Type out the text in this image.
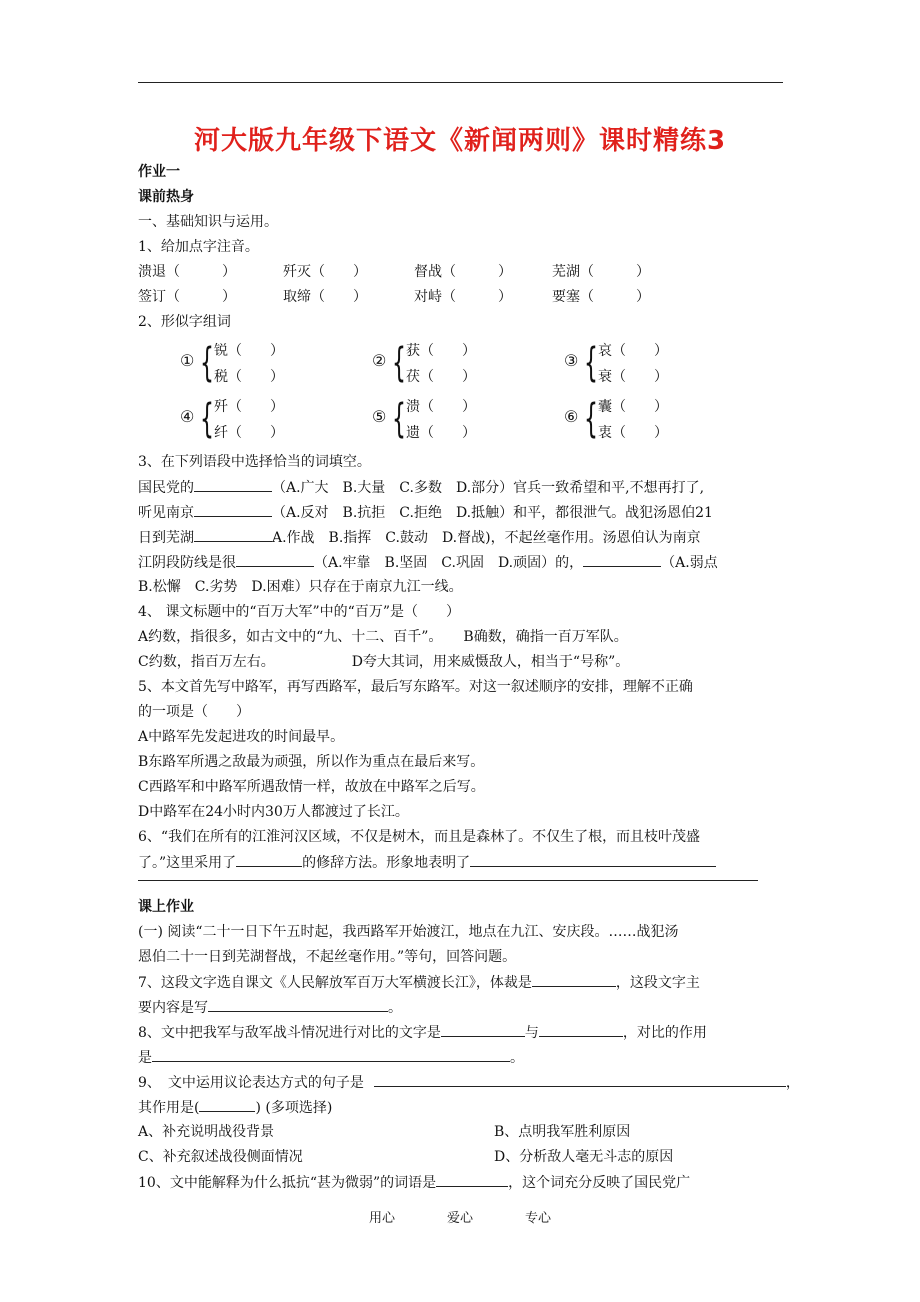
河大版九年级下语文《新闻两则》课时精练3
作业一
课前热身
一、基础知识与运用。
1、给加点字注音。
溃退（　　　）	歼灭（　　）	督战（　　　）	芜湖（　　　）
签订（　　　）	取缔（　　）	对峙（　　　）	要塞（　　　）
2、形似字组词
① { 锐（　　）
税（　　）
② { 获（　　）
茯（　　）
③ { 哀（　　）
衰（　　）
④ { 歼（　　）
纤（　　）
⑤ { 溃（　　）
遗（　　）
⑥ { 囊（　　）
衷（　　）
3、在下列语段中选择恰当的词填空。
国民党的	（A.广大　B.大量　C.多数　D.部分）官兵一致希望和平,不想再打了,
听见南京	（A.反对　B.抗拒　C.拒绝　D.抵触）和平，都很泄气。战犯汤恩伯21
日到芜湖	A.作战　B.指挥　C.鼓动　D.督战)，不起丝毫作用。汤恩伯认为南京
江阴段防线是很	（A.牢靠　B.坚固　C.巩固　D.顽固）的，	（A.弱点
B.松懈　C.劣势　D.困难）只存在于南京九江一线。
4、 课文标题中的“百万大军”中的“百万”是（　　）
A约数，指很多，如古文中的“九、十二、百千”。　　B确数，确指一百万军队。
C约数，指百万左右。　　　　　　D夸大其词，用来威慑敌人，相当于“号称”。
5、本文首先写中路军，再写西路军，最后写东路军。对这一叙述顺序的安排，理解不正确
的一项是（　　）
A中路军先发起进攻的时间最早。
B东路军所遇之敌最为顽强，所以作为重点在最后来写。
C西路军和中路军所遇敌情一样，故放在中路军之后写。
D中路军在24小时内30万人都渡过了长江。
6、“我们在所有的江淮河汉区域，不仅是树木，而且是森林了。不仅生了根，而且枝叶茂盛
了。”这里采用了	的修辞方法。形象地表明了
课上作业
(一) 阅读“二十一日下午五时起，我西路军开始渡江，地点在九江、安庆段。……战犯汤
恩伯二十一日到芜湖督战，不起丝毫作用。”等句，回答问题。
7、这段文字选自课文《人民解放军百万大军横渡长江》，体裁是	，这段文字主
要内容是写	。
8、文中把我军与敌军战斗情况进行对比的文字是	与	，对比的作用
是	。
9、　文中运用议论表达方式的句子是	，
其作用是(	) (多项选择)
A、补充说明战役背景	B、点明我军胜利原因
C、补充叙述战役侧面情况	D、分析敌人毫无斗志的原因
10、文中能解释为什么抵抗“甚为微弱”的词语是	，这个词充分反映了国民党广
用心	爱心	专心
